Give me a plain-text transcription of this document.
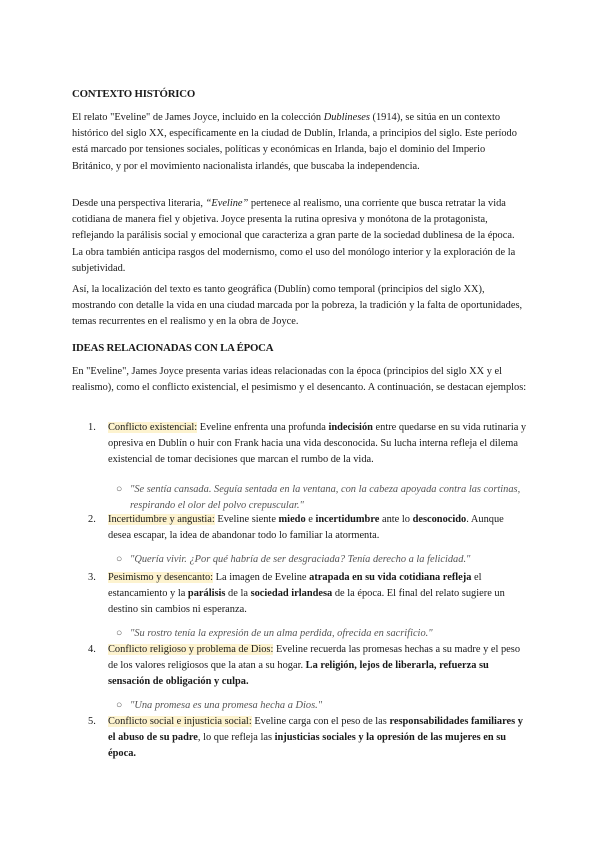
CONTEXTO HISTÓRICO

El relato "Eveline" de James Joyce, incluido en la colección Dublineses (1914), se sitúa en un contexto histórico del siglo XX, específicamente en la ciudad de Dublín, Irlanda, a principios del siglo. Este período está marcado por tensiones sociales, políticas y económicas en Irlanda, bajo el dominio del Imperio Británico, y por el movimiento nacionalista irlandés, que buscaba la independencia.

Desde una perspectiva literaria, “Eveline” pertenece al realismo, una corriente que busca retratar la vida cotidiana de manera fiel y objetiva. Joyce presenta la rutina opresiva y monótona de la protagonista, reflejando la parálisis social y emocional que caracteriza a gran parte de la sociedad dublinesa de la época. La obra también anticipa rasgos del modernismo, como el uso del monólogo interior y la exploración de la subjetividad.

Así, la localización del texto es tanto geográfica (Dublín) como temporal (principios del siglo XX), mostrando con detalle la vida en una ciudad marcada por la pobreza, la tradición y la falta de oportunidades, temas recurrentes en el realismo y en la obra de Joyce.

IDEAS RELACIONADAS CON LA ÉPOCA

En "Eveline", James Joyce presenta varias ideas relacionadas con la época (principios del siglo XX y el realismo), como el conflicto existencial, el pesimismo y el desencanto. A continuación, se destacan ejemplos:

1.	Conflicto existencial: Eveline enfrenta una profunda indecisión entre quedarse en su vida rutinaria y opresiva en Dublín o huir con Frank hacia una vida desconocida. Su lucha interna refleja el dilema existencial de tomar decisiones que marcan el rumbo de la vida.
○ "Se sentía cansada. Seguía sentada en la ventana, con la cabeza apoyada contra las cortinas, respirando el olor del polvo crepuscular."
2.	Incertidumbre y angustia: Eveline siente miedo e incertidumbre ante lo desconocido. Aunque desea escapar, la idea de abandonar todo lo familiar la atormenta.
○ "Quería vivir. ¿Por qué habría de ser desgraciada? Tenía derecho a la felicidad."
3.	Pesimismo y desencanto: La imagen de Eveline atrapada en su vida cotidiana refleja el estancamiento y la parálisis de la sociedad irlandesa de la época. El final del relato sugiere un destino sin cambios ni esperanza.
○ "Su rostro tenía la expresión de un alma perdida, ofrecida en sacrificio."
4.	Conflicto religioso y problema de Dios: Eveline recuerda las promesas hechas a su madre y el peso de los valores religiosos que la atan a su hogar. La religión, lejos de liberarla, refuerza su sensación de obligación y culpa.
○ "Una promesa es una promesa hecha a Dios."
5.	Conflicto social e injusticia social: Eveline carga con el peso de las responsabilidades familiares y el abuso de su padre, lo que refleja las injusticias sociales y la opresión de las mujeres en su época.
